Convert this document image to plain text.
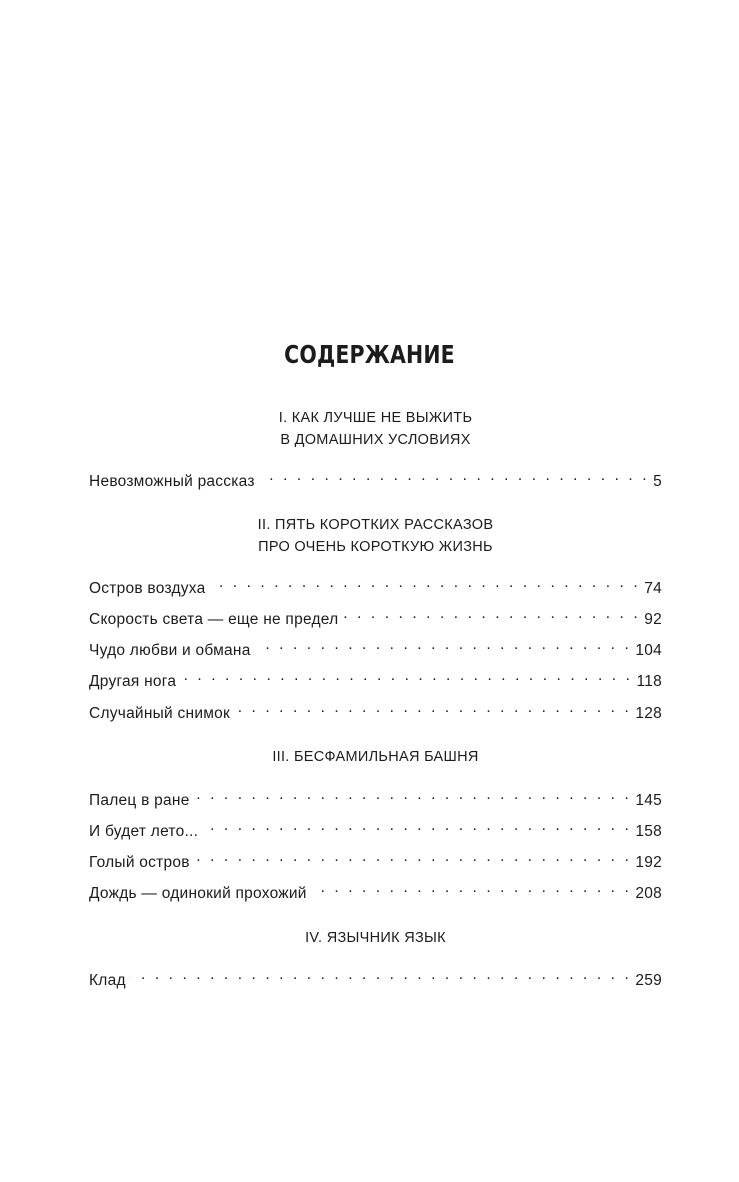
СОДЕРЖАНИЕ
I. КАК ЛУЧШЕ НЕ ВЫЖИТЬ
В ДОМАШНИХ УСЛОВИЯХ
Невозможный рассказ . . .	5
II. ПЯТЬ КОРОТКИХ РАССКАЗОВ
ПРО ОЧЕНЬ КОРОТКУЮ ЖИЗНЬ
Остров воздуха . . .	74
Скорость света — еще не предел . . .	92
Чудо любви и обмана . . .	104
Другая нога . . .	118
Случайный снимок . . .	128
III. БЕСФАМИЛЬНАЯ БАШНЯ
Палец в ране . . .	145
И будет лето... . . .	158
Голый остров . . .	192
Дождь — одинокий прохожий . . .	208
IV. ЯЗЫЧНИК ЯЗЫК
Клад . . .	259
